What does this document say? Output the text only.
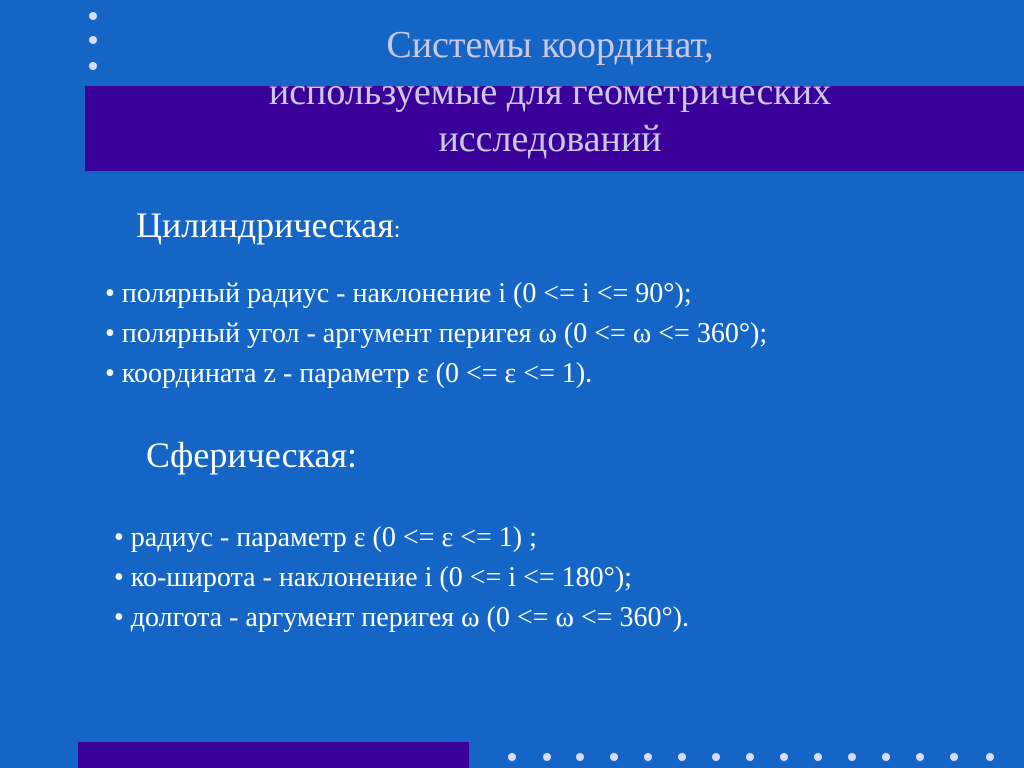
Системы координат,
используемые для геометрических
исследований
Цилиндрическая:
• полярный радиус - наклонение i (0 <= i <= 90°);
• полярный угол - аргумент перигея ω (0 <= ω <= 360°);
• координата z - параметр ε (0 <= ε <= 1).
Сферическая:
• радиус - параметр ε (0 <= ε <= 1) ;
• ко-широта - наклонение i (0 <= i <= 180°);
• долгота - аргумент перигея ω (0 <= ω <= 360°).
